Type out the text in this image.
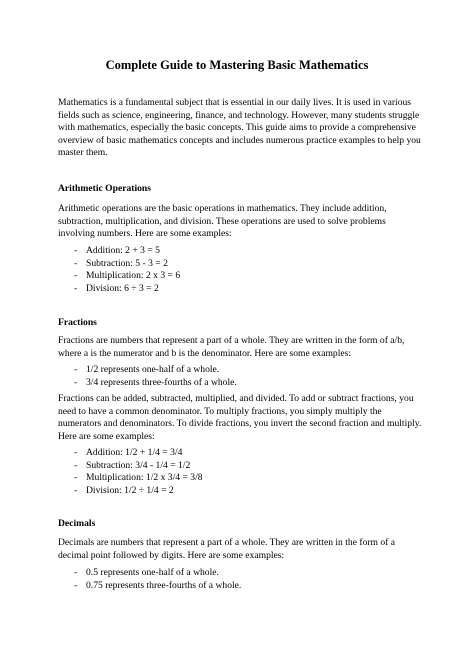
Complete Guide to Mastering Basic Mathematics

Mathematics is a fundamental subject that is essential in our daily lives. It is used in various fields such as science, engineering, finance, and technology. However, many students struggle with mathematics, especially the basic concepts. This guide aims to provide a comprehensive overview of basic mathematics concepts and includes numerous practice examples to help you master them.

Arithmetic Operations

Arithmetic operations are the basic operations in mathematics. They include addition, subtraction, multiplication, and division. These operations are used to solve problems involving numbers. Here are some examples:

- Addition: 2 + 3 = 5
- Subtraction: 5 - 3 = 2
- Multiplication: 2 x 3 = 6
- Division: 6 ÷ 3 = 2
Fractions

Fractions are numbers that represent a part of a whole. They are written in the form of a/b, where a is the numerator and b is the denominator. Here are some examples:

- 1/2 represents one-half of a whole.
- 3/4 represents three-fourths of a whole.

Fractions can be added, subtracted, multiplied, and divided. To add or subtract fractions, you need to have a common denominator. To multiply fractions, you simply multiply the numerators and denominators. To divide fractions, you invert the second fraction and multiply. Here are some examples:

- Addition: 1/2 + 1/4 = 3/4
- Subtraction: 3/4 - 1/4 = 1/2
- Multiplication: 1/2 x 3/4 = 3/8
- Division: 1/2 ÷ 1/4 = 2
Decimals

Decimals are numbers that represent a part of a whole. They are written in the form of a decimal point followed by digits. Here are some examples:

- 0.5 represents one-half of a whole.
- 0.75 represents three-fourths of a whole.
